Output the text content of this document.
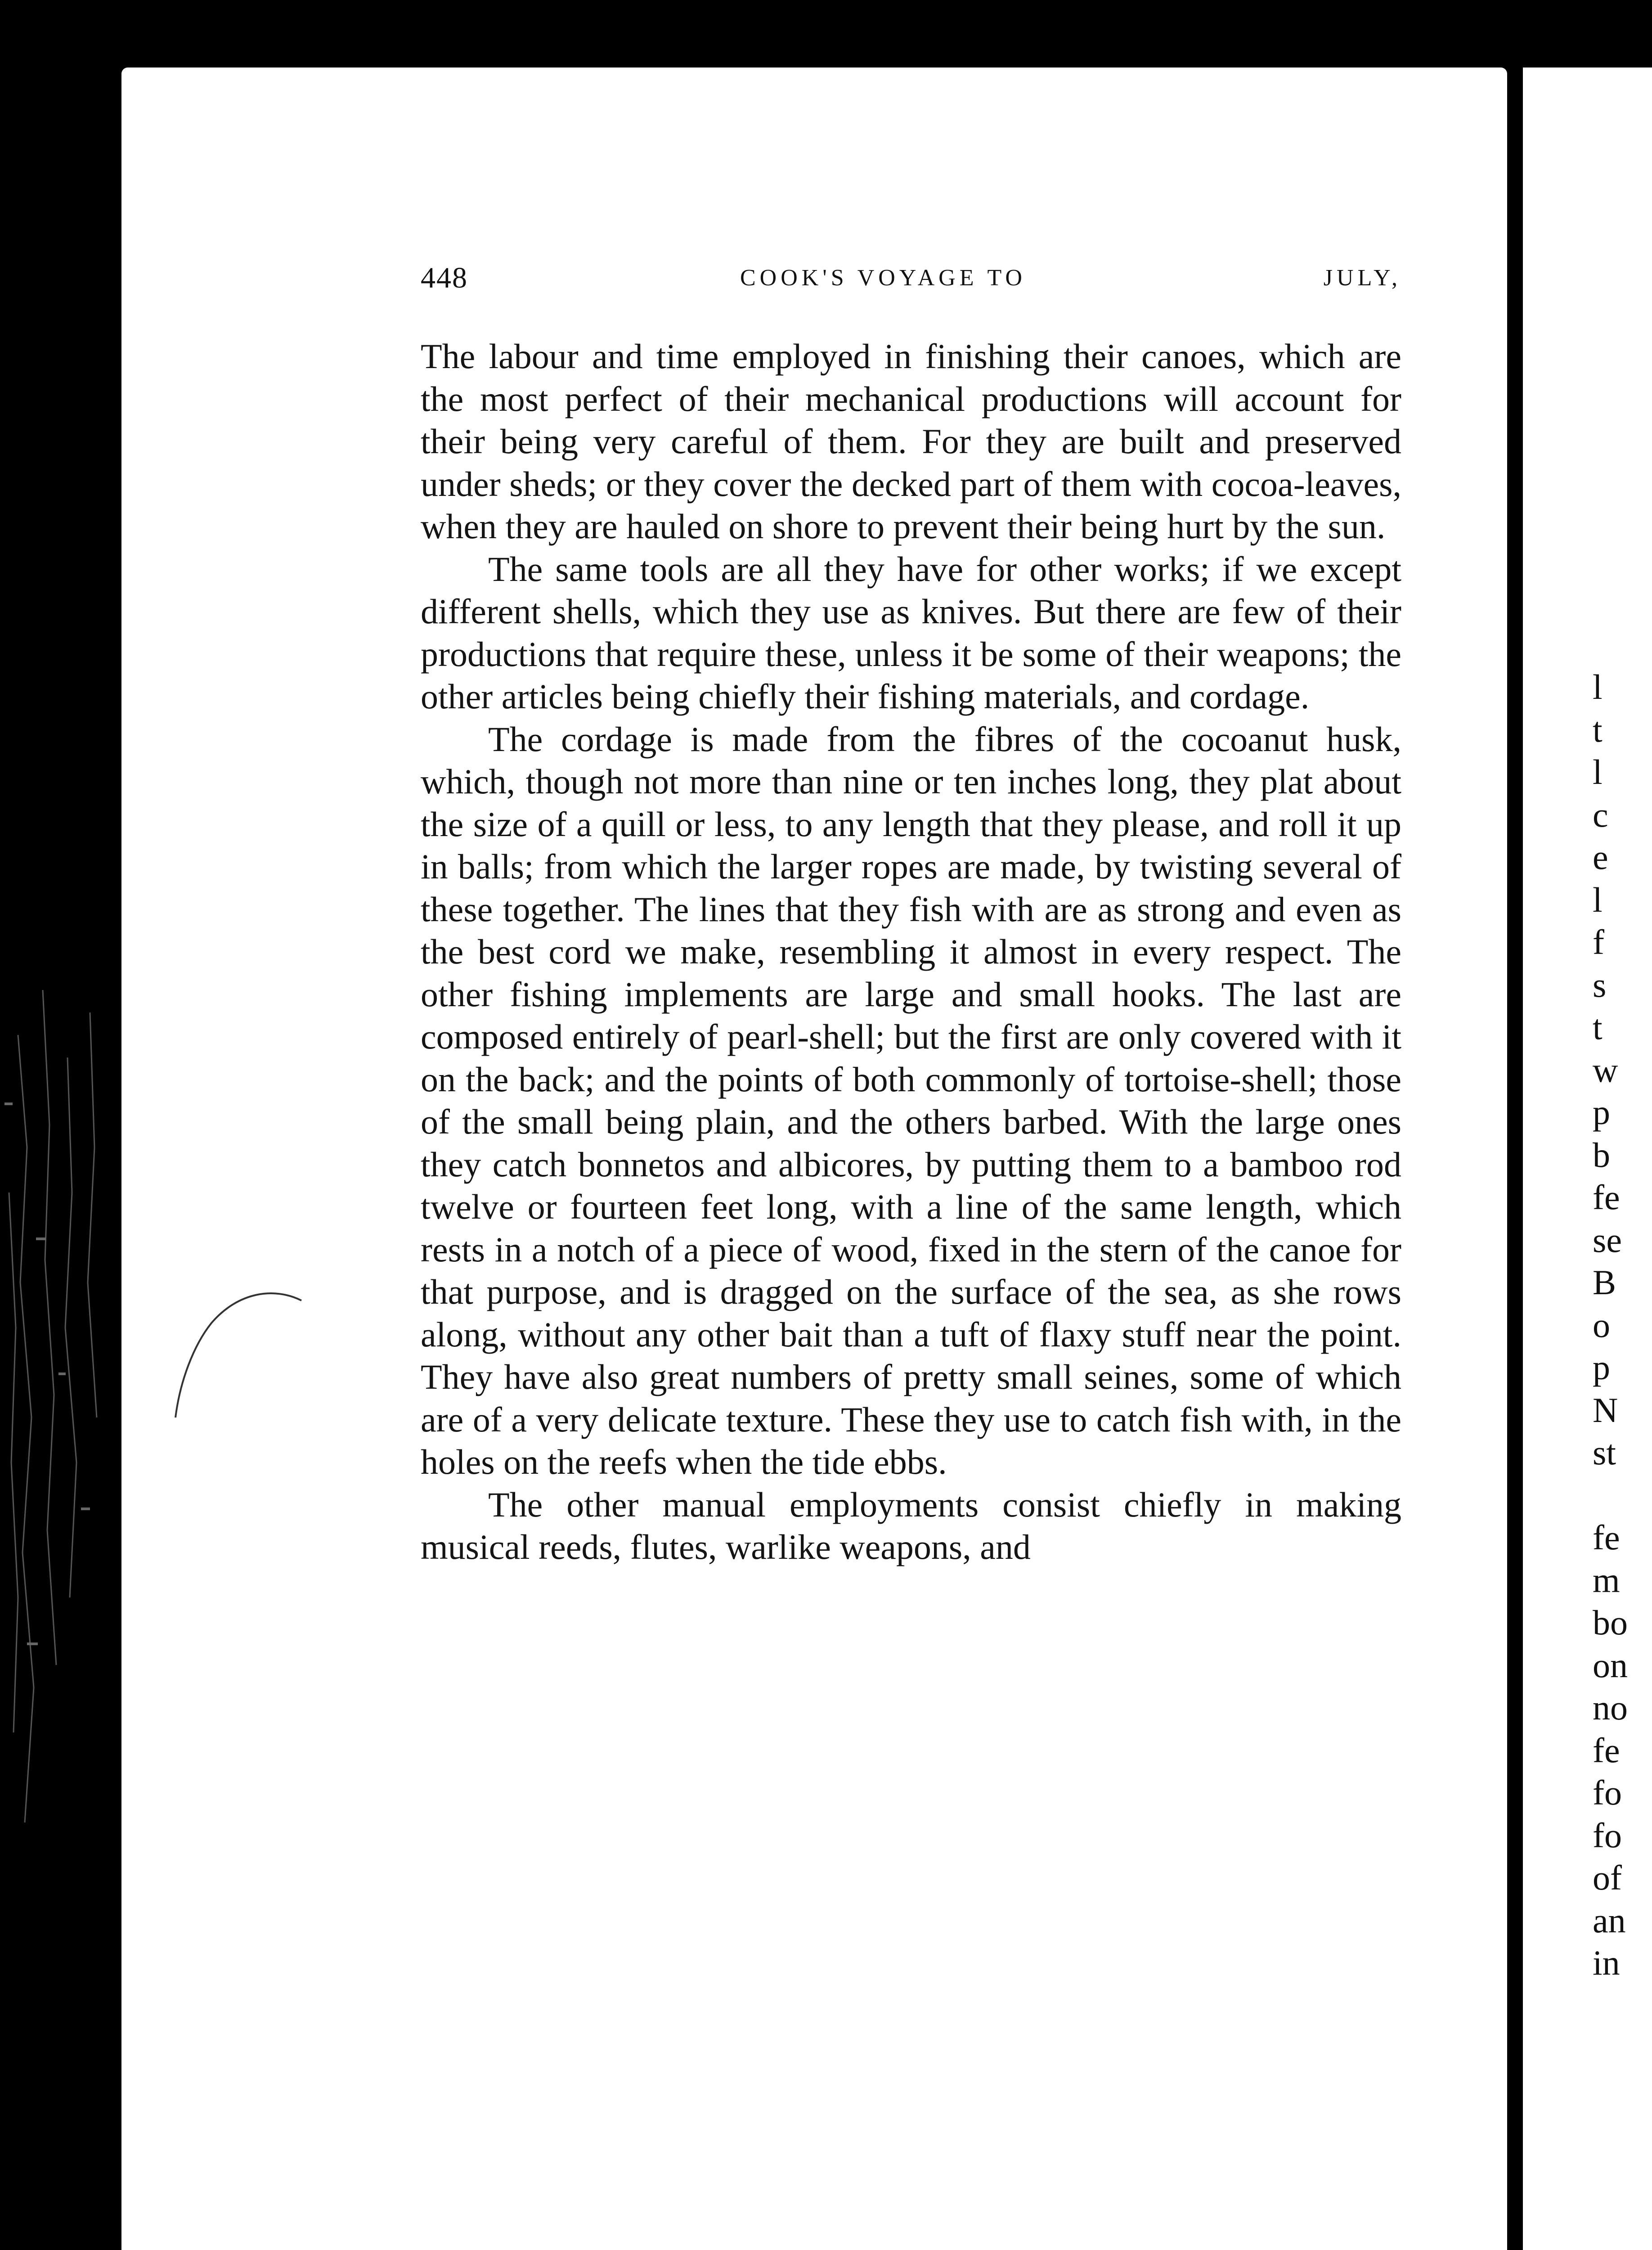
l
t
l
c
e
l
f
s
t
w
p
b
fe
se
B
o
p
N
st

fe
m
bo
on
no
fe
fo
fo
of
an
in
448	COOK'S VOYAGE TO	JULY,

The labour and time employed in finishing their canoes, which are the most perfect of their mechanical productions will account for their being very careful of them. For they are built and preserved under sheds; or they cover the decked part of them with cocoa-leaves, when they are hauled on shore to prevent their being hurt by the sun.

The same tools are all they have for other works; if we except different shells, which they use as knives. But there are few of their productions that require these, unless it be some of their weapons; the other articles being chiefly their fishing materials, and cordage.

The cordage is made from the fibres of the cocoanut husk, which, though not more than nine or ten inches long, they plat about the size of a quill or less, to any length that they please, and roll it up in balls; from which the larger ropes are made, by twisting several of these together. The lines that they fish with are as strong and even as the best cord we make, resembling it almost in every respect. The other fishing implements are large and small hooks. The last are composed entirely of pearl-shell; but the first are only covered with it on the back; and the points of both commonly of tortoise-shell; those of the small being plain, and the others barbed. With the large ones they catch bonnetos and albicores, by putting them to a bamboo rod twelve or fourteen feet long, with a line of the same length, which rests in a notch of a piece of wood, fixed in the stern of the canoe for that purpose, and is dragged on the surface of the sea, as she rows along, without any other bait than a tuft of flaxy stuff near the point. They have also great numbers of pretty small seines, some of which are of a very delicate texture. These they use to catch fish with, in the holes on the reefs when the tide ebbs.

The other manual employments consist chiefly in making musical reeds, flutes, warlike weapons, and
